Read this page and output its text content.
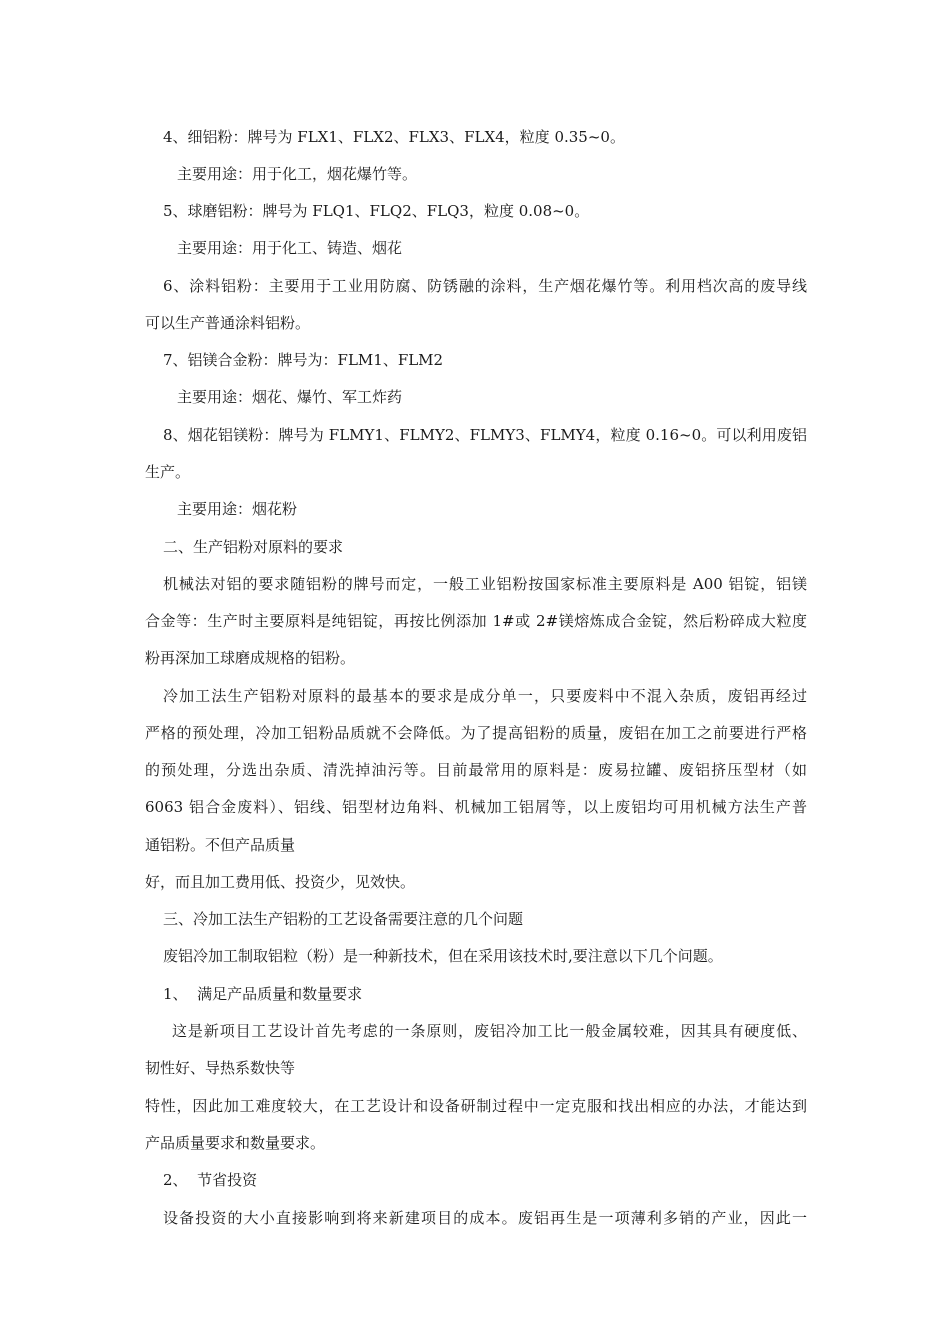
4、细铝粉：牌号为 FLX1、FLX2、FLX3、FLX4，粒度 0.35~0。
主要用途：用于化工，烟花爆竹等。
5、球磨铝粉：牌号为 FLQ1、FLQ2、FLQ3，粒度 0.08~0。
主要用途：用于化工、铸造、烟花
6、涂料铝粉：主要用于工业用防腐、防锈融的涂料，生产烟花爆竹等。利用档次高的废导线
可以生产普通涂料铝粉。
7、铝镁合金粉：牌号为：FLM1、FLM2
主要用途：烟花、爆竹、军工炸药
8、烟花铝镁粉：牌号为 FLMY1、FLMY2、FLMY3、FLMY4，粒度 0.16~0。可以利用废铝
生产。
主要用途：烟花粉
二、生产铝粉对原料的要求
机械法对铝的要求随铝粉的牌号而定，一般工业铝粉按国家标准主要原料是 A00 铝锭，铝镁
合金等：生产时主要原料是纯铝锭，再按比例添加 1#或 2#镁熔炼成合金锭，然后粉碎成大粒度
粉再深加工球磨成规格的铝粉。
冷加工法生产铝粉对原料的最基本的要求是成分单一，只要废料中不混入杂质，废铝再经过
严格的预处理，冷加工铝粉品质就不会降低。为了提高铝粉的质量，废铝在加工之前要进行严格
的预处理，分选出杂质、清洗掉油污等。目前最常用的原料是：废易拉罐、废铝挤压型材（如
6063 铝合金废料）、铝线、铝型材边角料、机械加工铝屑等，以上废铝均可用机械方法生产普
通铝粉。不但产品质量
好，而且加工费用低、投资少，见效快。
三、冷加工法生产铝粉的工艺设备需要注意的几个问题
废铝冷加工制取铝粒（粉）是一种新技术，但在采用该技术时,要注意以下几个问题。
1、  满足产品质量和数量要求
这是新项目工艺设计首先考虑的一条原则，废铝冷加工比一般金属较难，因其具有硬度低、
韧性好、导热系数快等
特性，因此加工难度较大，在工艺设计和设备研制过程中一定克服和找出相应的办法，才能达到
产品质量要求和数量要求。
2、  节省投资
设备投资的大小直接影响到将来新建项目的成本。废铝再生是一项薄利多销的产业，因此一
